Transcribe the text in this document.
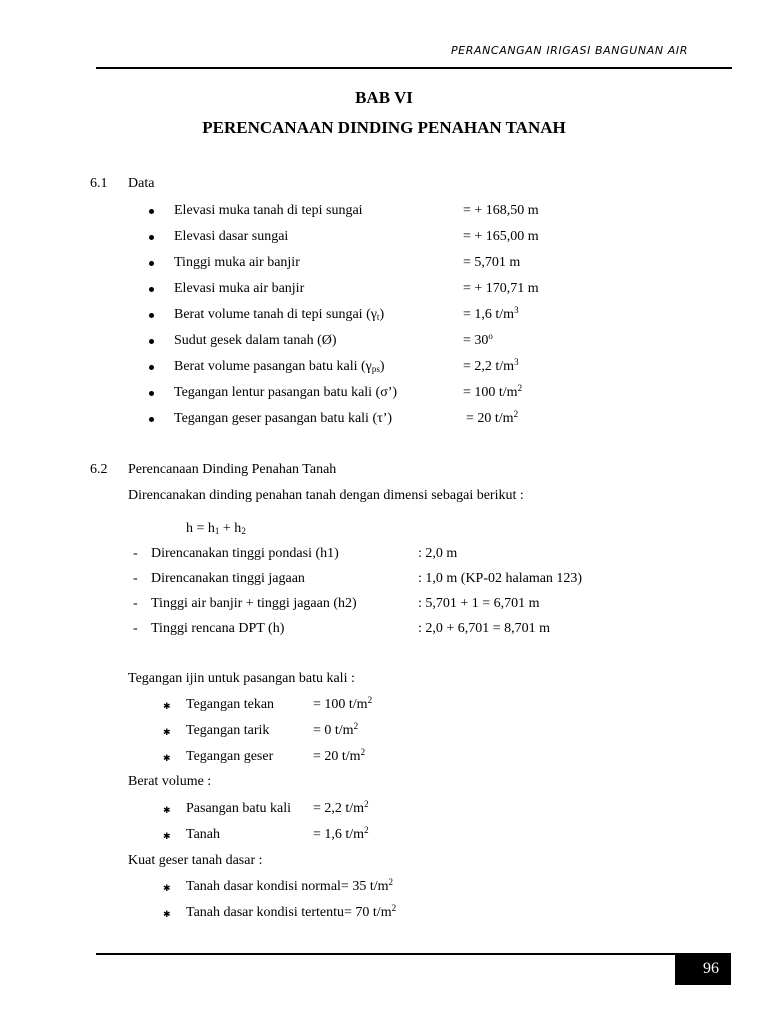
PERANCANGAN IRIGASI BANGUNAN AIR
BAB VI
PERENCANAAN DINDING PENAHAN TANAH
6.1 Data
Elevasi muka tanah di tepi sungai	= + 168,50 m
Elevasi dasar sungai	= + 165,00 m
Tinggi muka air banjir	= 5,701 m
Elevasi muka air banjir	= + 170,71 m
Berat volume tanah di tepi sungai $(\gamma_t)$	= 1,6 $t/m^3$
Sudut gesek dalam tanah (Ø)	= $30^o$
Berat volume pasangan batu kali $(\gamma_{ps})$	= 2,2 $t/m^3$
Tegangan lentur pasangan batu kali (σ’)	= 100 $t/m^2$
Tegangan geser pasangan batu kali (τ’)	= 20 $t/m^2$
6.2 Perencanaan Dinding Penahan Tanah
Direncanakan dinding penahan tanah dengan dimensi sebagai berikut :
$h = h_1 + h_2$
- Direncanakan tinggi pondasi (h1)	: 2,0 m
- Direncanakan tinggi jagaan	: 1,0 m (KP-02 halaman 123)
- Tinggi air banjir + tinggi jagaan (h2)	: 5,701 + 1 = 6,701 m
- Tinggi rencana DPT (h)	: 2,0 + 6,701 = 8,701 m
Tegangan ijin untuk pasangan batu kali :
✱ Tegangan tekan	= 100 $t/m^2$
✱ Tegangan tarik	= 0 $t/m^2$
✱ Tegangan geser	= 20 $t/m^2$
Berat volume :
✱ Pasangan batu kali = 2,2 $t/m^2$
✱ Tanah	= 1,6 $t/m^2$
Kuat geser tanah dasar :
✱ Tanah dasar kondisi normal= 35 $t/m^2$
✱ Tanah dasar kondisi tertentu= 70 $t/m^2$
96
